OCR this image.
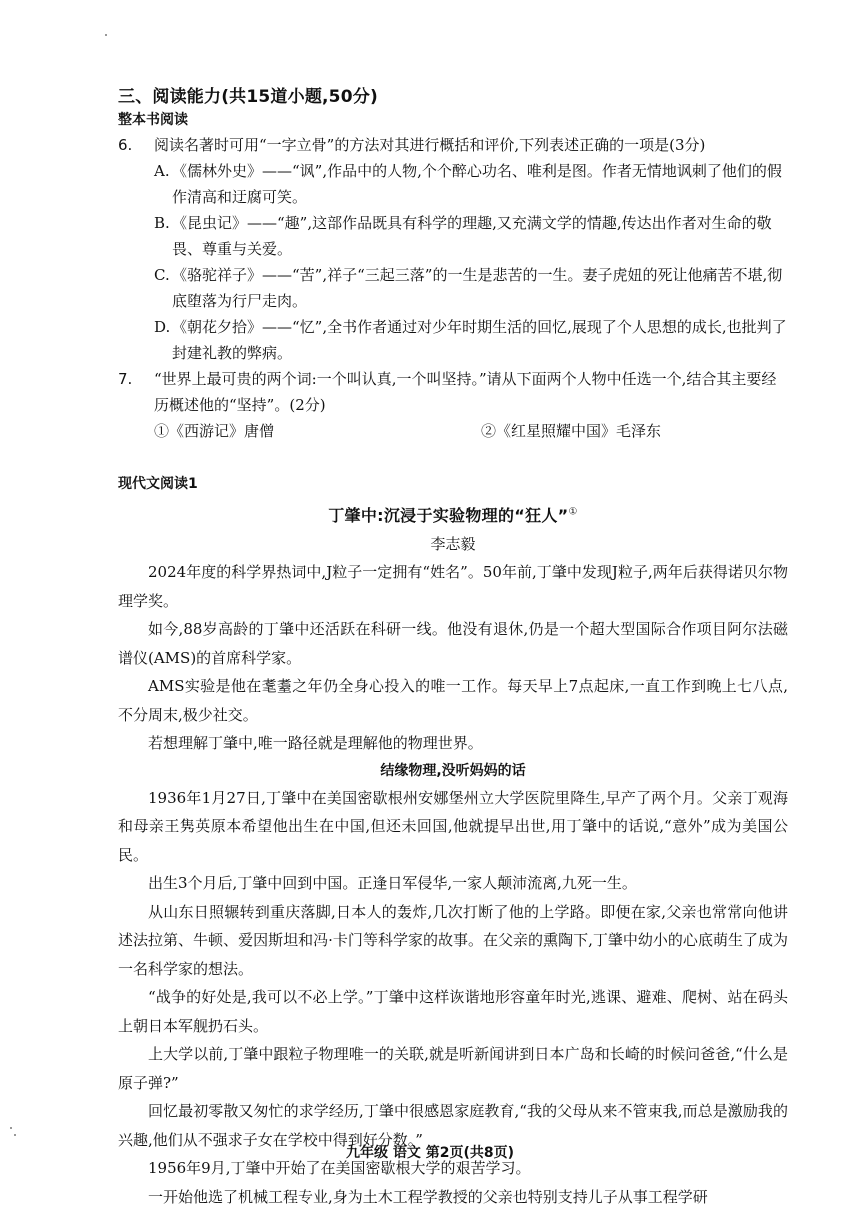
三、阅读能力(共15道小题,50分)
整本书阅读
6.	阅读名著时可用“一字立骨”的方法对其进行概括和评价,下列表述正确的一项是(3分)
A. 《儒林外史》——“讽”,作品中的人物,个个醉心功名、唯利是图。作者无情地讽刺了他们的假作清高和迂腐可笑。
B. 《昆虫记》——“趣”,这部作品既具有科学的理趣,又充满文学的情趣,传达出作者对生命的敬畏、尊重与关爱。
C. 《骆驼祥子》——“苦”,祥子“三起三落”的一生是悲苦的一生。妻子虎妞的死让他痛苦不堪,彻底堕落为行尸走肉。
D. 《朝花夕拾》——“忆”,全书作者通过对少年时期生活的回忆,展现了个人思想的成长,也批判了封建礼教的弊病。
7.	“世界上最可贵的两个词:一个叫认真,一个叫坚持。”请从下面两个人物中任选一个,结合其主要经历概述他的“坚持”。(2分)
①《西游记》唐僧	②《红星照耀中国》毛泽东
现代文阅读1
丁肇中:沉浸于实验物理的“狂人”①
李志毅

2024年度的科学界热词中,J粒子一定拥有“姓名”。50年前,丁肇中发现J粒子,两年后获得诺贝尔物理学奖。

如今,88岁高龄的丁肇中还活跃在科研一线。他没有退休,仍是一个超大型国际合作项目阿尔法磁谱仪(AMS)的首席科学家。

AMS实验是他在耄耋之年仍全身心投入的唯一工作。每天早上7点起床,一直工作到晚上七八点,不分周末,极少社交。

若想理解丁肇中,唯一路径就是理解他的物理世界。

结缘物理,没听妈妈的话

1936年1月27日,丁肇中在美国密歇根州安娜堡州立大学医院里降生,早产了两个月。父亲丁观海和母亲王隽英原本希望他出生在中国,但还未回国,他就提早出世,用丁肇中的话说,“意外”成为美国公民。

出生3个月后,丁肇中回到中国。正逢日军侵华,一家人颠沛流离,九死一生。

从山东日照辗转到重庆落脚,日本人的轰炸,几次打断了他的上学路。即便在家,父亲也常常向他讲述法拉第、牛顿、爱因斯坦和冯·卡门等科学家的故事。在父亲的熏陶下,丁肇中幼小的心底萌生了成为一名科学家的想法。

“战争的好处是,我可以不必上学。”丁肇中这样诙谐地形容童年时光,逃课、避难、爬树、站在码头上朝日本军舰扔石头。

上大学以前,丁肇中跟粒子物理唯一的关联,就是听新闻讲到日本广岛和长崎的时候问爸爸,“什么是原子弹?”

回忆最初零散又匆忙的求学经历,丁肇中很感恩家庭教育,“我的父母从来不管束我,而总是激励我的兴趣,他们从不强求子女在学校中得到好分数。”

1956年9月,丁肇中开始了在美国密歇根大学的艰苦学习。

一开始他选了机械工程专业,身为土木工程学教授的父亲也特别支持儿子从事工程学研

九年级 语文 第2页(共8页)
